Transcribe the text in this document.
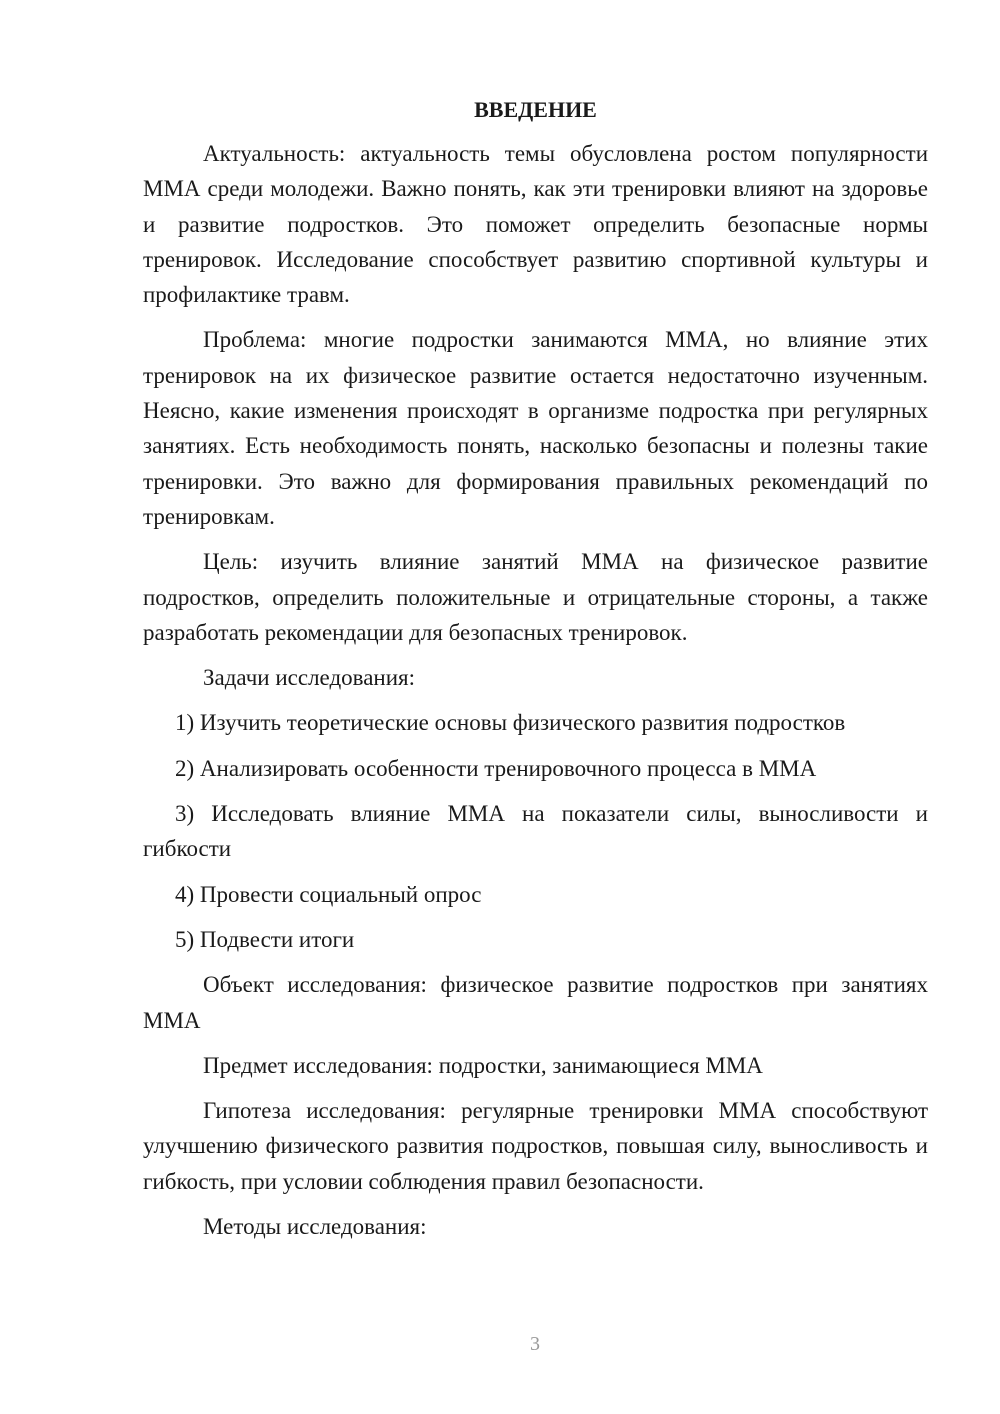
ВВЕДЕНИЕ

Актуальность: актуальность темы обусловлена ростом популярности ММА среди молодежи. Важно понять, как эти тренировки влияют на здоровье и развитие подростков. Это поможет определить безопасные нормы тренировок. Исследование способствует развитию спортивной культуры и профилактике травм.

Проблема: многие подростки занимаются ММА, но влияние этих тренировок на их физическое развитие остается недостаточно изученным. Неясно, какие изменения происходят в организме подростка при регулярных занятиях. Есть необходимость понять, насколько безопасны и полезны такие тренировки. Это важно для формирования правильных рекомендаций по тренировкам.

Цель: изучить влияние занятий ММА на физическое развитие подростков, определить положительные и отрицательные стороны, а также разработать рекомендации для безопасных тренировок.

Задачи исследования:

1) Изучить теоретические основы физического развития подростков

2) Анализировать особенности тренировочного процесса в ММА

3) Исследовать влияние ММА на показатели силы, выносливости и гибкости

4) Провести социальный опрос

5) Подвести итоги

Объект исследования: физическое развитие подростков при занятиях ММА

Предмет исследования: подростки, занимающиеся ММА

Гипотеза исследования: регулярные тренировки ММА способствуют улучшению физического развития подростков, повышая силу, выносливость и гибкость, при условии соблюдения правил безопасности.

Методы исследования:

3
